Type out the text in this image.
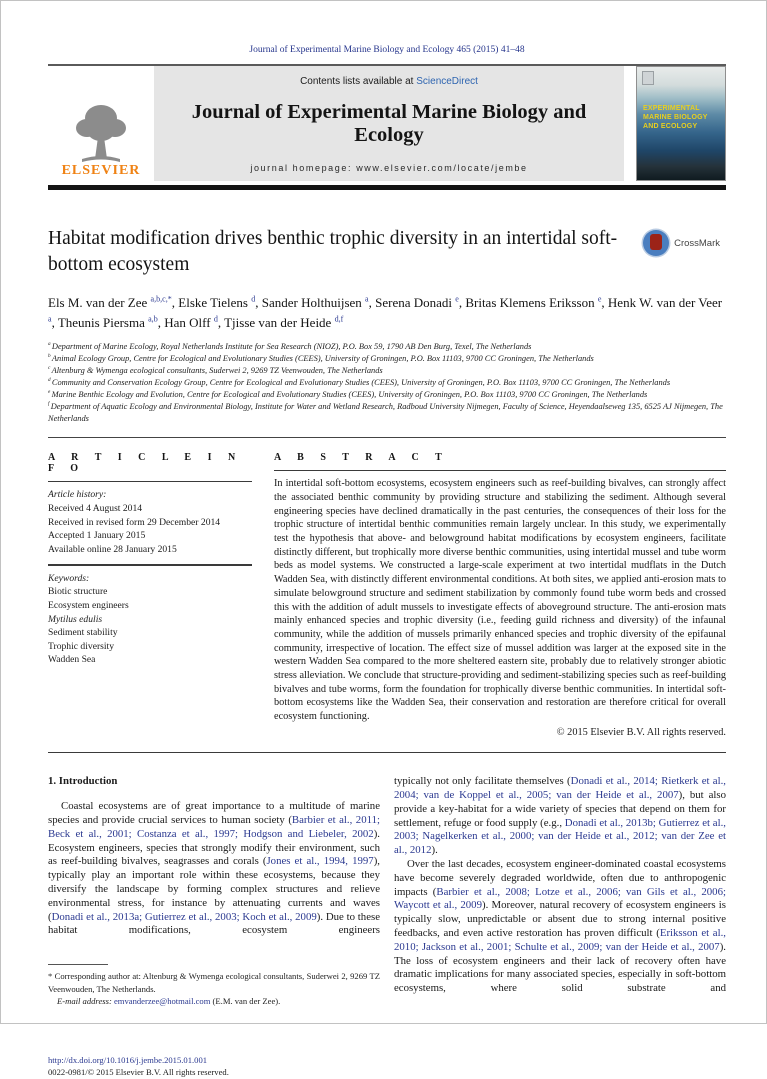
Journal of Experimental Marine Biology and Ecology 465 (2015) 41–48
ELSEVIER
Contents lists available at ScienceDirect
Journal of Experimental Marine Biology and Ecology
journal homepage: www.elsevier.com/locate/jembe
EXPERIMENTAL MARINE BIOLOGY AND ECOLOGY
Habitat modification drives benthic trophic diversity in an intertidal soft-bottom ecosystem
CrossMark
Els M. van der Zee $^{a,b,c,*}$, Elske Tielens $^d$, Sander Holthuijsen $^a$, Serena Donadi $^e$, Britas Klemens Eriksson $^e$, Henk W. van der Veer $^a$, Theunis Piersma $^{a,b}$, Han Olff $^d$, Tjisse van der Heide $^{d,f}$
$^a$ Department of Marine Ecology, Royal Netherlands Institute for Sea Research (NIOZ), P.O. Box 59, 1790 AB Den Burg, Texel, The Netherlands
$^b$ Animal Ecology Group, Centre for Ecological and Evolutionary Studies (CEES), University of Groningen, P.O. Box 11103, 9700 CC Groningen, The Netherlands
$^c$ Altenburg & Wymenga ecological consultants, Suderwei 2, 9269 TZ Veenwouden, The Netherlands
$^d$ Community and Conservation Ecology Group, Centre for Ecological and Evolutionary Studies (CEES), University of Groningen, P.O. Box 11103, 9700 CC Groningen, The Netherlands
$^e$ Marine Benthic Ecology and Evolution, Centre for Ecological and Evolutionary Studies (CEES), University of Groningen, P.O. Box 11103, 9700 CC Groningen, The Netherlands
$^f$ Department of Aquatic Ecology and Environmental Biology, Institute for Water and Wetland Research, Radboud University Nijmegen, Faculty of Science, Heyendaalseweg 135, 6525 AJ Nijmegen, The Netherlands
A R T I C L E I N F O
Article history:
Received 4 August 2014
Received in revised form 29 December 2014
Accepted 1 January 2015
Available online 28 January 2015
Keywords:
Biotic structure
Ecosystem engineers
Mytilus edulis
Sediment stability
Trophic diversity
Wadden Sea
A B S T R A C T

In intertidal soft-bottom ecosystems, ecosystem engineers such as reef-building bivalves, can strongly affect the associated benthic community by providing structure and stabilizing the sediment. Although several engineering species have declined dramatically in the past centuries, the consequences of their loss for the trophic structure of intertidal benthic communities remain largely unclear. In this study, we experimentally test the hypothesis that above- and belowground habitat modifications by ecosystem engineers, facilitate distinctly different, but trophically more diverse benthic communities, using intertidal mussel and tube worm beds as model systems. We constructed a large-scale experiment at two intertidal mudflats in the Dutch Wadden Sea, with distinctly different environmental conditions. At both sites, we applied anti-erosion mats to simulate belowground structure and sediment stabilization by commonly found tube worm beds and crossed this with the addition of adult mussels to investigate effects of aboveground structure. The anti-erosion mats mainly enhanced species and trophic diversity (i.e., feeding guild richness and diversity) of the infaunal community, while the addition of mussels primarily enhanced species and trophic diversity of the epifaunal community, irrespective of location. The effect size of mussel addition was larger at the exposed site in the western Wadden Sea compared to the more sheltered eastern site, probably due to relatively stronger abiotic stress alleviation. We conclude that structure-providing and sediment-stabilizing species such as reef-building bivalves and tube worms, form the foundation for trophically diverse benthic communities. In intertidal soft-bottom ecosystems like the Wadden Sea, their conservation and restoration are therefore critical for overall ecosystem functioning.

© 2015 Elsevier B.V. All rights reserved.
1. Introduction

Coastal ecosystems are of great importance to a multitude of marine species and provide crucial services to human society (Barbier et al., 2011; Beck et al., 2001; Costanza et al., 1997; Hodgson and Liebeler, 2002). Ecosystem engineers, species that strongly modify their environment, such as reef-building bivalves, seagrasses and corals (Jones et al., 1994, 1997), typically play an important role within these ecosystems, because they diversify the landscape by forming complex structures and relieve environmental stress, for instance by attenuating currents and waves (Donadi et al., 2013a; Gutierrez et al., 2003; Koch et al., 2009). Due to these habitat modifications, ecosystem engineers

* Corresponding author at: Altenburg & Wymenga ecological consultants, Suderwei 2, 9269 TZ Veenwouden, The Netherlands.
E-mail address: emvanderzee@hotmail.com (E.M. van der Zee).
http://dx.doi.org/10.1016/j.jembe.2015.01.001
0022-0981/© 2015 Elsevier B.V. All rights reserved.

typically not only facilitate themselves (Donadi et al., 2014; Rietkerk et al., 2004; van de Koppel et al., 2005; van der Heide et al., 2007), but also provide a key-habitat for a wide variety of species that depend on them for settlement, refuge or food supply (e.g., Donadi et al., 2013b; Gutierrez et al., 2003; Nagelkerken et al., 2000; van der Heide et al., 2012; van der Zee et al., 2012).

Over the last decades, ecosystem engineer-dominated coastal ecosystems have become severely degraded worldwide, often due to anthropogenic impacts (Barbier et al., 2008; Lotze et al., 2006; van Gils et al., 2006; Waycott et al., 2009). Moreover, natural recovery of ecosystem engineers is typically slow, unpredictable or absent due to strong internal positive feedbacks, and even active restoration has proven difficult (Eriksson et al., 2010; Jackson et al., 2001; Schulte et al., 2009; van der Heide et al., 2007). The loss of ecosystem engineers and their lack of recovery often have dramatic implications for many associated species, especially in soft-bottom ecosystems, where solid substrate and
